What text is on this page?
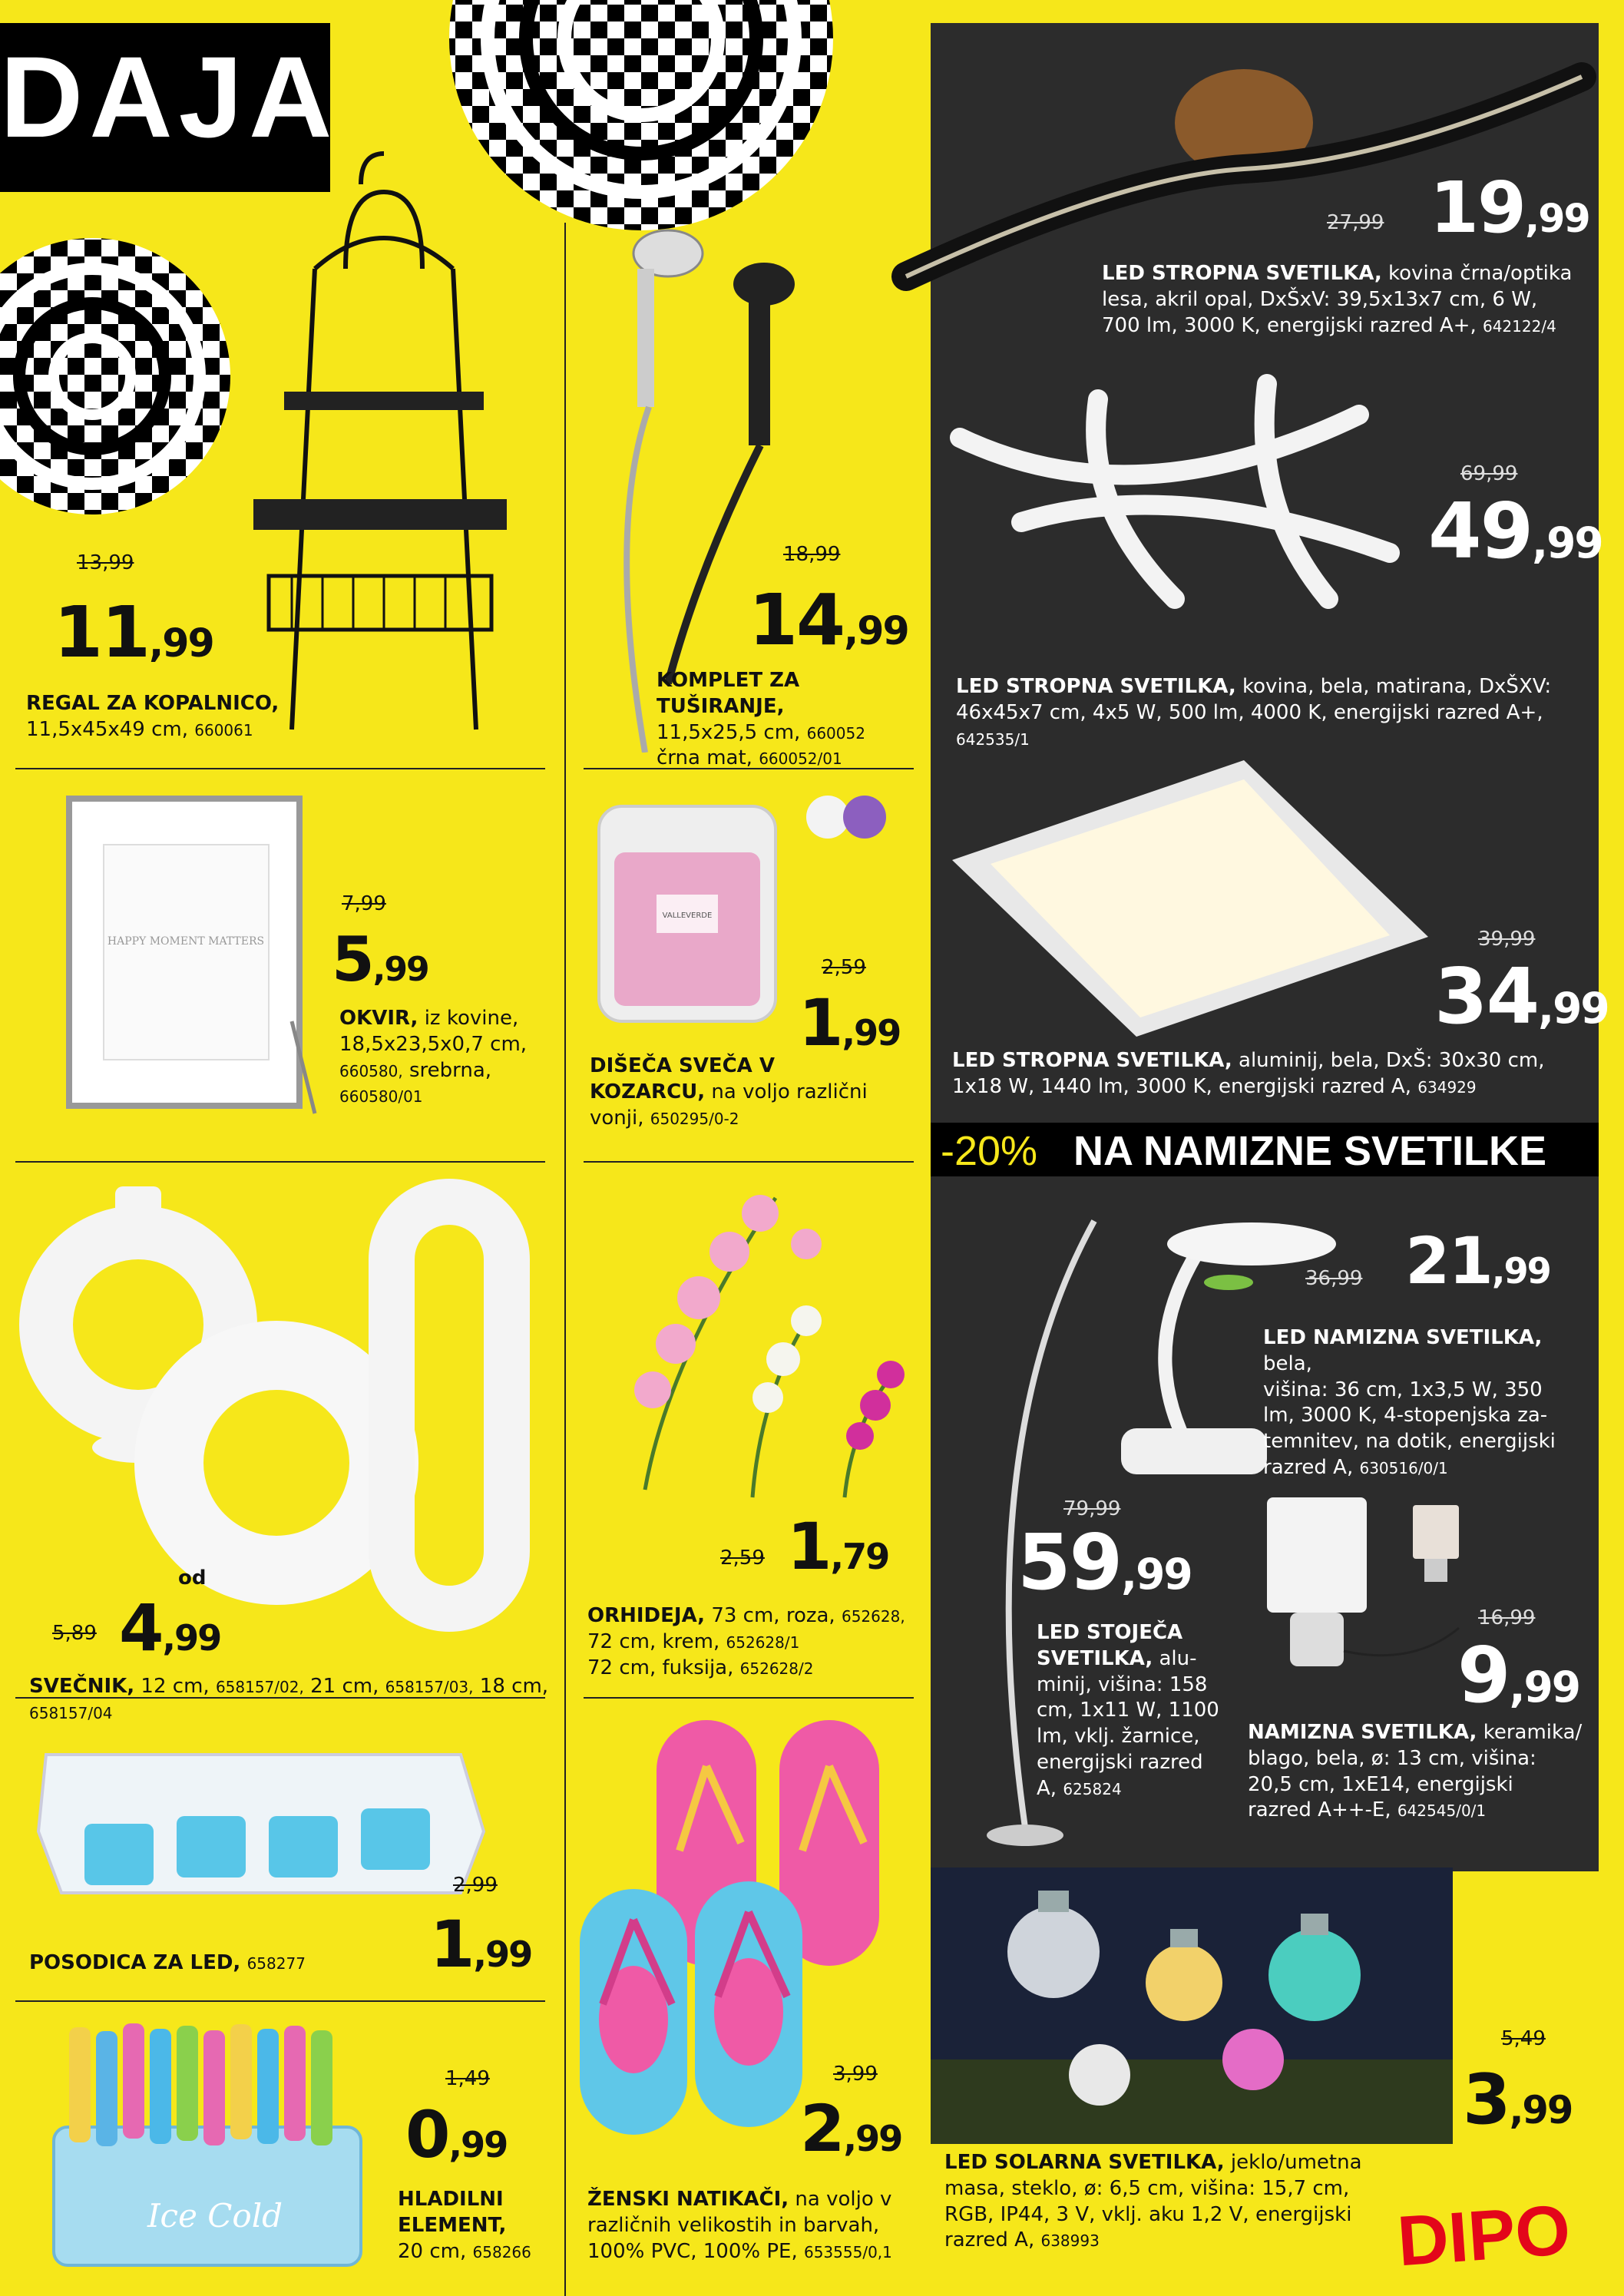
DAJA
13,99
11,99
REGAL ZA KOPALNICO,
11,5x45x49 cm, 660061
18,99
14,99
KOMPLET ZA TUŠIRANJE,
11,5x25,5 cm, 660052
črna mat, 660052/01
HAPPY MOMENT MATTERS
7,99
5,99
OKVIR, iz kovine,
18,5x23,5x0,7 cm,
660580, srebrna,
660580/01
VALLEVERDE
2,59
1,99
DIŠEČA SVEČA V KOZARCU, na voljo različni
vonji, 650295/0-2
od
5,89 4,99
SVEČNIK, 12 cm, 658157/02, 21 cm, 658157/03, 18 cm, 658157/04
2,59 1,79
ORHIDEJA, 73 cm, roza, 652628,
72 cm, krem, 652628/1
72 cm, fuksija, 652628/2
2,99
1,99
POSODICA ZA LED, 658277
Ice Cold
1,49
0,99
HLADILNI ELEMENT,
20 cm, 658266
3,99
2,99
ŽENSKI NATIKAČI, na voljo v
različnih velikostih in barvah,
100% PVC, 100% PE, 653555/0,1
27,99 19,99
LED STROPNA SVETILKA, kovina črna/optika
lesa, akril opal, DxŠxV: 39,5x13x7 cm, 6 W,
700 lm, 3000 K, energijski razred A+, 642122/4
69,99
49,99
LED STROPNA SVETILKA, kovina, bela, matirana, DxŠXV:
46x45x7 cm, 4x5 W, 500 lm, 4000 K, energijski razred A+,
642535/1
39,99
34,99
LED STROPNA SVETILKA, aluminij, bela, DxŠ: 30x30 cm,
1x18 W, 1440 lm, 3000 K, energijski razred A, 634929
-20% NA NAMIZNE SVETILKE
36,99 21,99
LED NAMIZNA SVETILKA, bela,
višina: 36 cm, 1x3,5 W, 350
lm, 3000 K, 4-stopenjska za-
temnitev, na dotik, energijski
razred A, 630516/0/1
79,99
59,99
LED STOJEČA
SVETILKA, alu-
minij, višina: 158
cm, 1x11 W, 1100
lm, vklj. žarnice,
energijski razred
A, 625824
16,99
9,99
NAMIZNA SVETILKA, keramika/
blago, bela, ø: 13 cm, višina:
20,5 cm, 1xE14, energijski
razred A++-E, 642545/0/1
5,49
3,99
LED SOLARNA SVETILKA, jeklo/umetna
masa, steklo, ø: 6,5 cm, višina: 15,7 cm,
RGB, IP44, 3 V, vklj. aku 1,2 V, energijski
razred A, 638993	DIPO
